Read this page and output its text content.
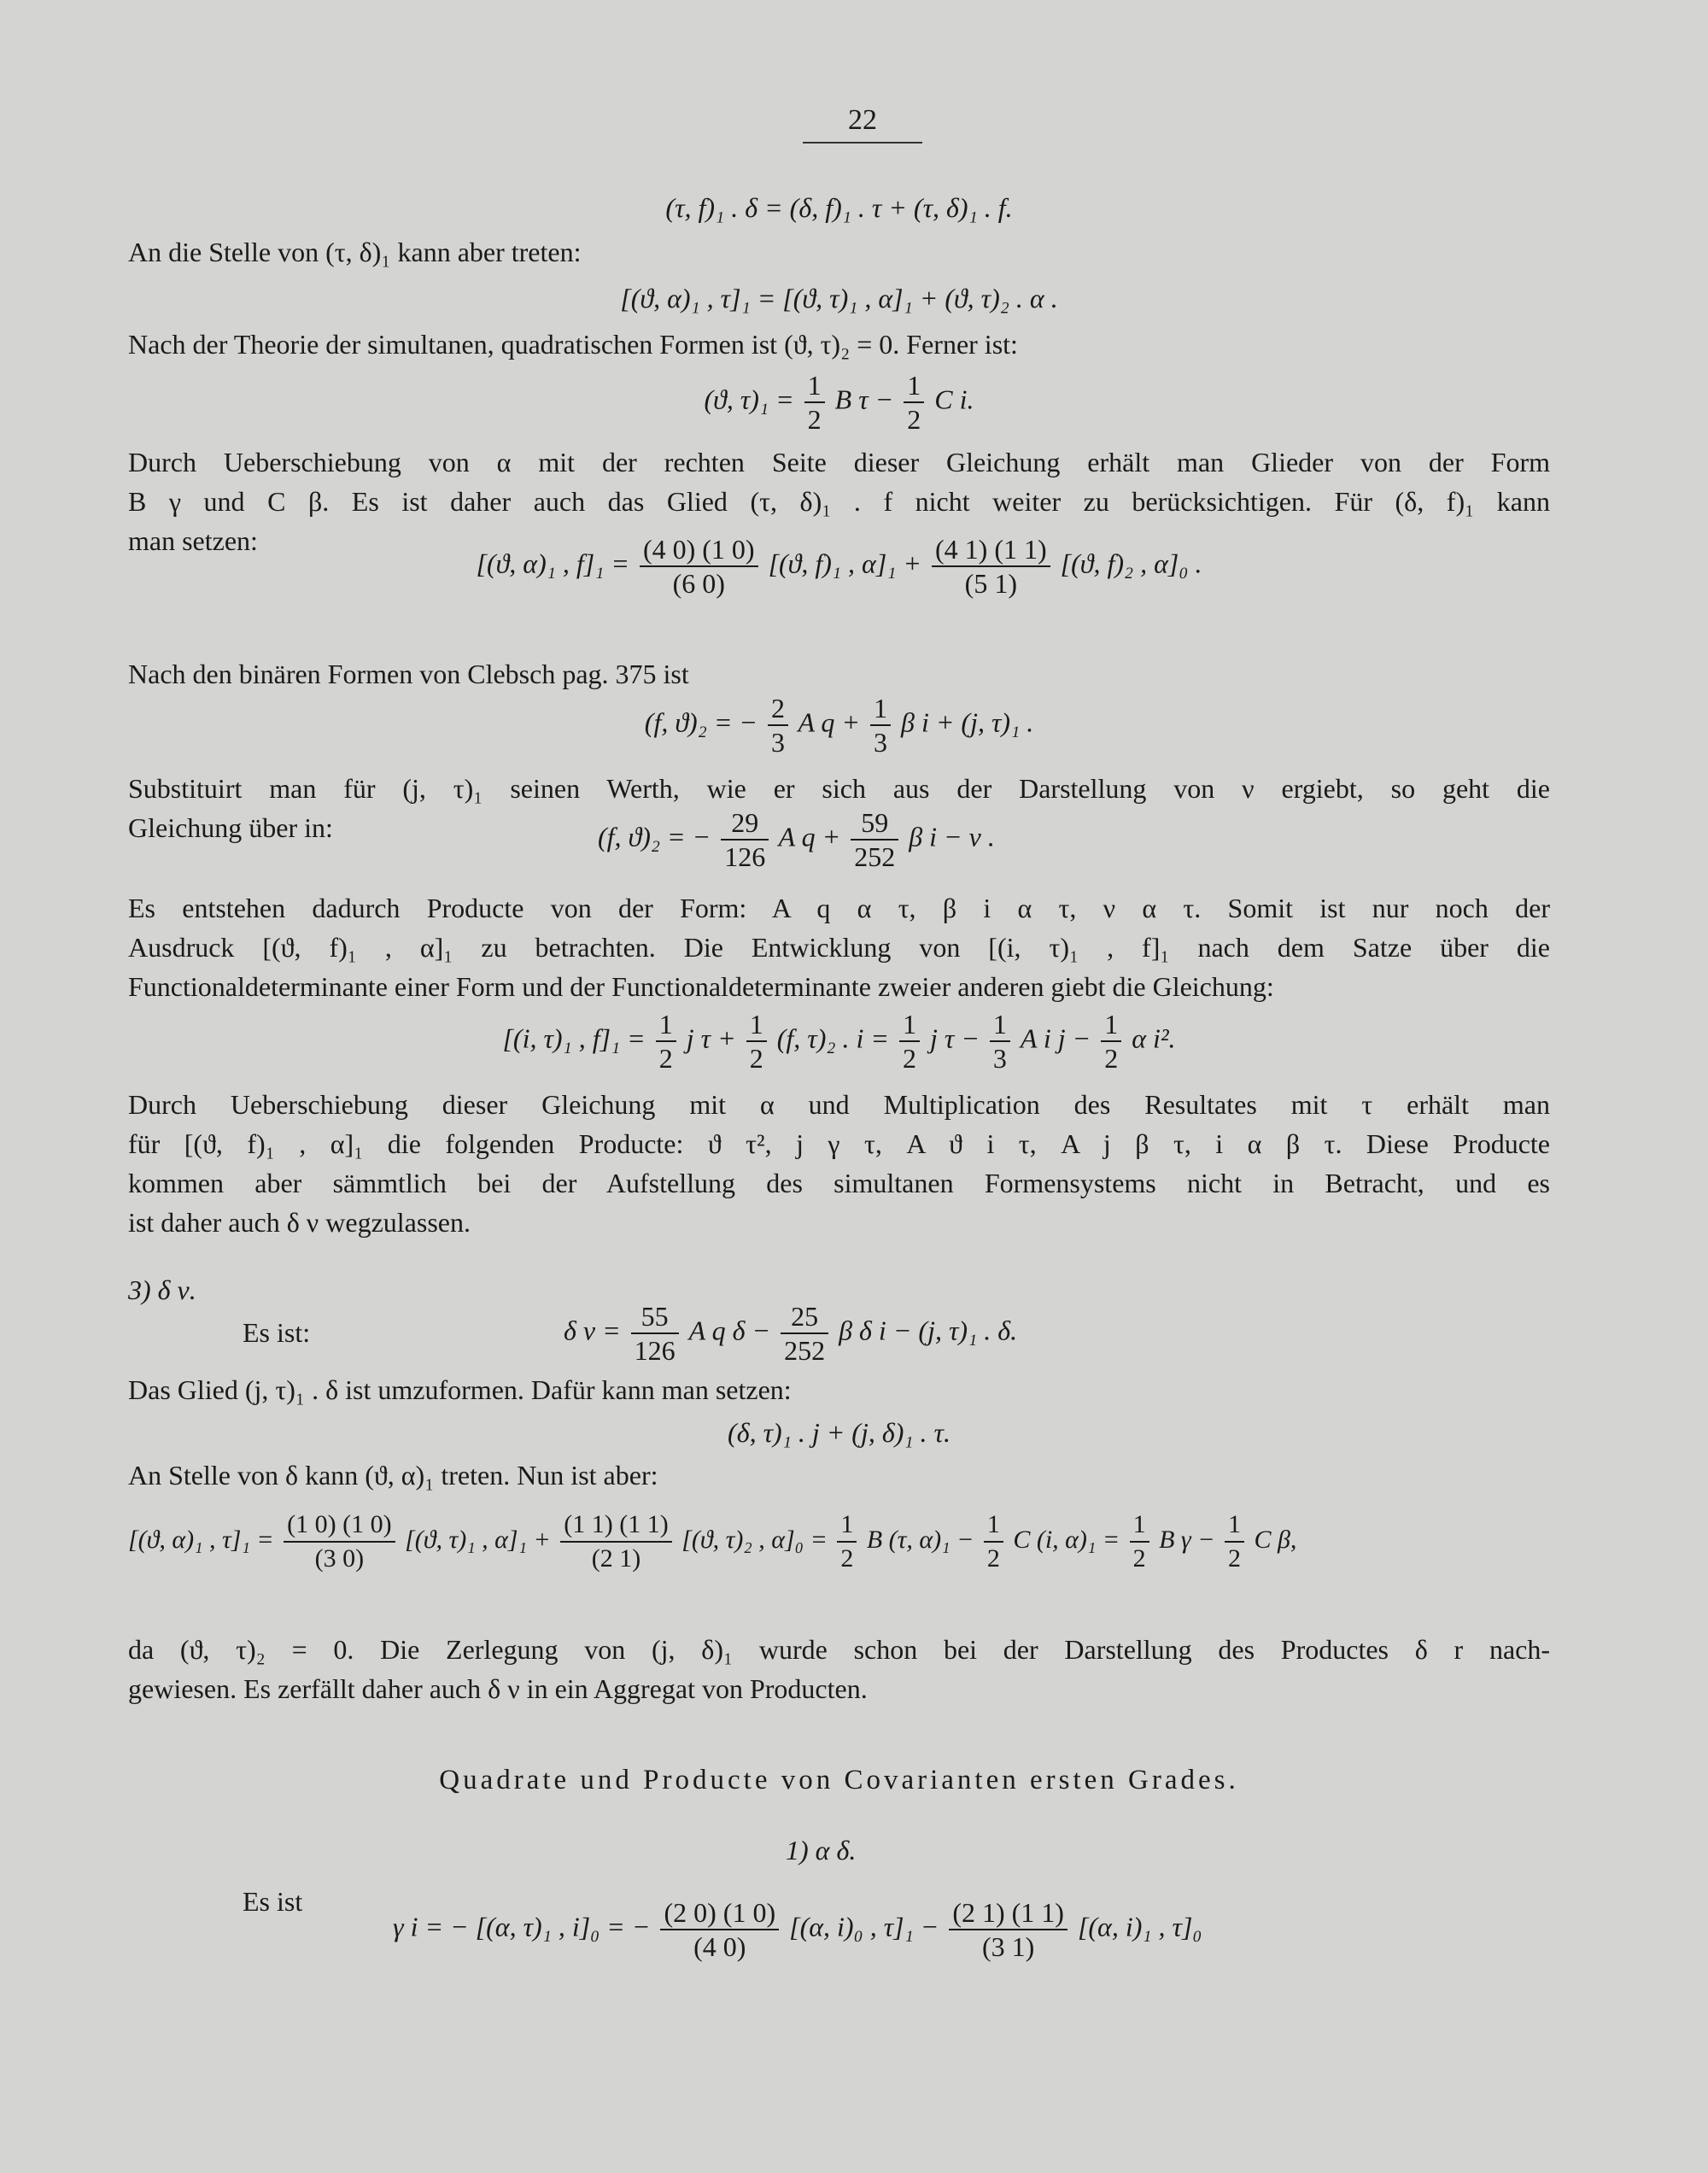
22
(τ, f)₁ . δ = (δ, f)₁ . τ + (τ, δ)₁ . f.
An die Stelle von (τ, δ)₁ kann aber treten:
[(ϑ, α)₁ , τ]₁ = [(ϑ, τ)₁ , α]₁ + (ϑ, τ)₂ . α .
Nach der Theorie der simultanen, quadratischen Formen ist (ϑ, τ)₂ = 0. Ferner ist:
(ϑ, $\tau)_1 = \frac{1}{2}$ B $\tau - \frac{1}{2}$ C i.
Durch Ueberschiebung von α mit der rechten Seite dieser Gleichung erhält man Glieder von der Form
B γ und C β. Es ist daher auch das Glied (τ, δ)₁ . f nicht weiter zu berücksichtigen. Für (δ, f)₁ kann
man setzen:
[(ϑ, α)₁ , $f]_1 = \frac{(4 0) (1 0)}{(6 0)} [(ϑ$, f)₁ , $\alpha]_1 + \frac{(4 1) (1 1)}{(5 1)} [(ϑ$, f)₂ , α]₀ .
Nach den binären Formen von Clebsch pag. 375 ist
(f, ϑ)₂ = − $\frac{2}{3}$ A $q + \frac{1}{3}$ β i + (j, τ)₁ .
Substituirt man für (j, τ)₁ seinen Werth, wie er sich aus der Darstellung von ν ergiebt, so geht die
Gleichung über in:	(f, ϑ)₂ = − $\frac{29}{126}$ A $q + \frac{59}{252}$ β i − ν .
Es entstehen dadurch Producte von der Form: A q α τ, β i α τ, ν α τ. Somit ist nur noch der
Ausdruck [(ϑ, f)₁ , α]₁ zu betrachten. Die Entwicklung von [(i, τ)₁ , f]₁ nach dem Satze über die
Functionaldeterminante einer Form und der Functionaldeterminante zweier anderen giebt die Gleichung:
[(i, τ)₁ , $f]_1 = \frac{1}{2}$ j $\tau + \frac{1}{2} (f$, τ)₂ . $i = \frac{1}{2}$ j $\tau - \frac{1}{3}$ A i $j - \frac{1}{2}$ α i².
Durch Ueberschiebung dieser Gleichung mit α und Multiplication des Resultates mit τ erhält man
für [(ϑ, f)₁ , α]₁ die folgenden Producte: ϑ τ², j γ τ, A ϑ i τ, A j β τ, i α β τ. Diese Producte
kommen aber sämmtlich bei der Aufstellung des simultanen Formensystems nicht in Betracht, und es
ist daher auch δ ν wegzulassen.
3) δ ν.
Es ist:	δ $\nu = \frac{55}{126}$ A q $\delta - \frac{25}{252}$ β δ i − (j, τ)₁ . δ.
Das Glied (j, τ)₁ . δ ist umzuformen. Dafür kann man setzen:
(δ, τ)₁ . j + (j, δ)₁ . τ.
An Stelle von δ kann (ϑ, α)₁ treten. Nun ist aber:
[(ϑ, α)₁ , $\tau]_1 = \frac{(1 0) (1 0)}{(3 0)} [(ϑ$, τ)₁ , $\alpha]_1 + \frac{(1 1) (1 1)}{(2 1)} [(ϑ$, τ)₂ , $\alpha]_0 = \frac{1}{2}$ B (τ, $\alpha)_1 - \frac{1}{2}$ C (i, $\alpha)_1 = \frac{1}{2}$ B $\gamma - \frac{1}{2}$ C β,
da (ϑ, τ)₂ = 0. Die Zerlegung von (j, δ)₁ wurde schon bei der Darstellung des Productes δ r nach-
gewiesen. Es zerfällt daher auch δ ν in ein Aggregat von Producten.
Quadrate und Producte von Covarianten ersten Grades.
1) α δ.
Es ist
γ i = − [(α, τ)₁ , i]₀ = − $\frac{(2 0) (1 0)}{(4 0)} [(\alpha$, i)₀ , $\tau]_1 - \frac{(2 1) (1 1)}{(3 1)} [(\alpha$, i)₁ , τ]₀
